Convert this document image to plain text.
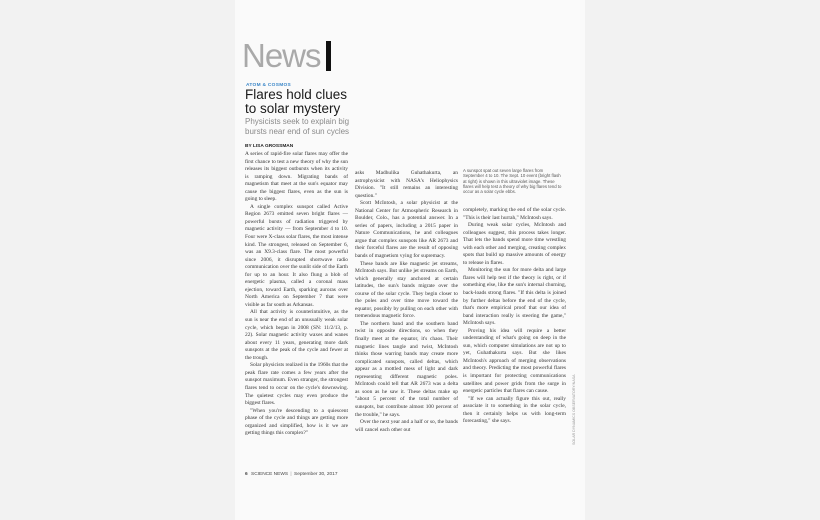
News
ATOM & COSMOS
Flares hold clues to solar mystery
Physicists seek to explain big bursts near end of sun cycles
BY LISA GROSSMAN

A series of rapid-fire solar flares may offer the first chance to test a new theory of why the sun releases its biggest outbursts when its activity is ramping down. Migrating bands of magnetism that meet at the sun's equator may cause the biggest flares, even as the sun is going to sleep.

A single complex sunspot called Active Region 2673 emitted seven bright flares — powerful bursts of radiation triggered by magnetic activity — from September 4 to 10. Four were X-class solar flares, the most intense kind. The strongest, released on September 6, was an X9.3-class flare. The most powerful since 2006, it disrupted shortwave radio communication over the sunlit side of the Earth for up to an hour. It also flung a blob of energetic plasma, called a coronal mass ejection, toward Earth, sparking auroras over North America on September 7 that were visible as far south as Arkansas.

All that activity is counterintuitive, as the sun is near the end of an unusually weak solar cycle, which began in 2008 (SN: 11/2/13, p. 22). Solar magnetic activity waxes and wanes about every 11 years, generating more dark sunspots at the peak of the cycle and fewer at the trough.

Solar physicists realized in the 1960s that the peak flare rate comes a few years after the sunspot maximum. Even stranger, the strongest flares tend to occur on the cycle's downswing. The quietest cycles may even produce the biggest flares.

"When you're descending to a quiescent phase of the cycle and things are getting more organized and simplified, how is it we are getting things this complex?"

asks Madhulika Guhathakurta, an astrophysicist with NASA's Heliophysics Division. "It still remains an interesting question."

Scott McIntosh, a solar physicist at the National Center for Atmospheric Research in Boulder, Colo., has a potential answer. In a series of papers, including a 2015 paper in Nature Communications, he and colleagues argue that complex sunspots like AR 2673 and their forceful flares are the result of opposing bands of magnetism vying for supremacy.

These bands are like magnetic jet streams, McIntosh says. But unlike jet streams on Earth, which generally stay anchored at certain latitudes, the sun's bands migrate over the course of the solar cycle. They begin closer to the poles and over time move toward the equator, possibly by pulling on each other with tremendous magnetic force.

The northern band and the southern band twist in opposite directions, so when they finally meet at the equator, it's chaos. Their magnetic lines tangle and twist, McIntosh thinks those warring bands may create more complicated sunspots, called deltas, which appear as a mottled mess of light and dark representing different magnetic poles. McIntosh could tell that AR 2673 was a delta as soon as he saw it. These deltas make up "about 5 percent of the total number of sunspots, but contribute almost 100 percent of the trouble," he says.

Over the next year and a half or so, the bands will cancel each other out

A sunspot spat out seven large flares from September 4 to 10. The Sept. 10 event (bright flash at right) is shown in this ultraviolet image. These flares will help test a theory of why big flares tend to occur as a solar cycle ebbs.

completely, marking the end of the solar cycle. "This is their last hurrah," McIntosh says.

During weak solar cycles, McIntosh and colleagues suggest, this process takes longer. That lets the bands spend more time wrestling with each other and merging, creating complex spots that build up massive amounts of energy to release in flares.

Monitoring the sun for more delta and large flares will help test if the theory is right, or if something else, like the sun's internal churning, back-loads strong flares. "If this delta is joined by further deltas before the end of the cycle, that's more empirical proof that our idea of band interaction really is steering the game," McIntosh says.

Proving his idea will require a better understanding of what's going on deep in the sun, which computer simulations are not up to yet, Guhathakurta says. But she likes McIntosh's approach of merging observations and theory. Predicting the most powerful flares is important for protecting communications satellites and power grids from the surge in energetic particles that flares can cause.

"If we can actually figure this out, really associate it to something in the solar cycle, then it certainly helps us with long-term forecasting," she says.	SOLAR DYNAMICS OBSERVATORY/NASA
6 SCIENCE NEWS | September 30, 2017
